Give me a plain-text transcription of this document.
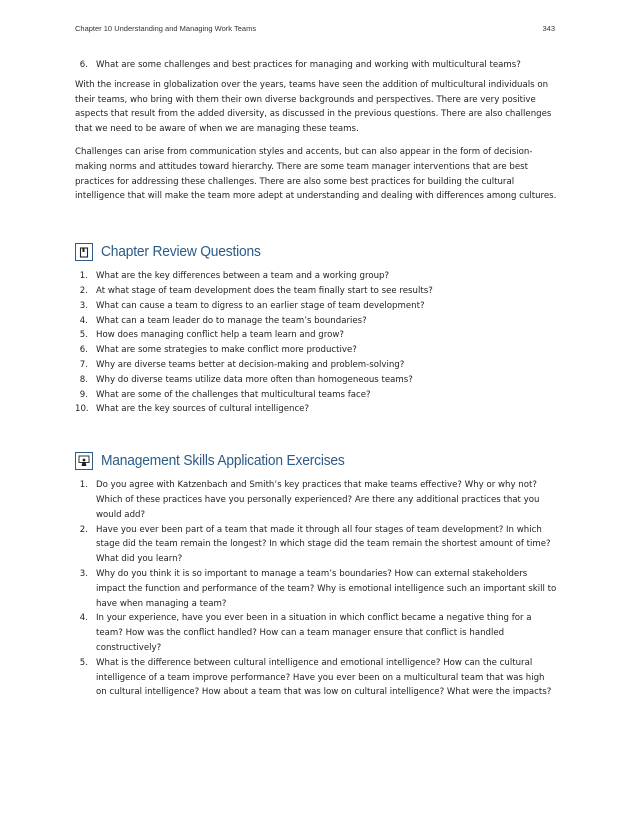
Chapter 10 Understanding and Managing Work Teams	343
6. What are some challenges and best practices for managing and working with multicultural teams?

With the increase in globalization over the years, teams have seen the addition of multicultural individuals on their teams, who bring with them their own diverse backgrounds and perspectives. There are very positive aspects that result from the added diversity, as discussed in the previous questions. There are also challenges that we need to be aware of when we are managing these teams.

Challenges can arise from communication styles and accents, but can also appear in the form of decision-making norms and attitudes toward hierarchy. There are some team manager interventions that are best practices for addressing these challenges. There are also some best practices for building the cultural intelligence that will make the team more adept at understanding and dealing with differences among cultures.

Chapter Review Questions
1. What are the key differences between a team and a working group?
2. At what stage of team development does the team finally start to see results?
3. What can cause a team to digress to an earlier stage of team development?
4. What can a team leader do to manage the team’s boundaries?
5. How does managing conflict help a team learn and grow?
6. What are some strategies to make conflict more productive?
7. Why are diverse teams better at decision-making and problem-solving?
8. Why do diverse teams utilize data more often than homogeneous teams?
9. What are some of the challenges that multicultural teams face?
10. What are the key sources of cultural intelligence?
Management Skills Application Exercises
1. Do you agree with Katzenbach and Smith’s key practices that make teams effective? Why or why not? Which of these practices have you personally experienced? Are there any additional practices that you would add?
2. Have you ever been part of a team that made it through all four stages of team development? In which stage did the team remain the longest? In which stage did the team remain the shortest amount of time? What did you learn?
3. Why do you think it is so important to manage a team’s boundaries? How can external stakeholders impact the function and performance of the team? Why is emotional intelligence such an important skill to have when managing a team?
4. In your experience, have you ever been in a situation in which conflict became a negative thing for a team? How was the conflict handled? How can a team manager ensure that conflict is handled constructively?
5. What is the difference between cultural intelligence and emotional intelligence? How can the cultural intelligence of a team improve performance? Have you ever been on a multicultural team that was high on cultural intelligence? How about a team that was low on cultural intelligence? What were the impacts?
